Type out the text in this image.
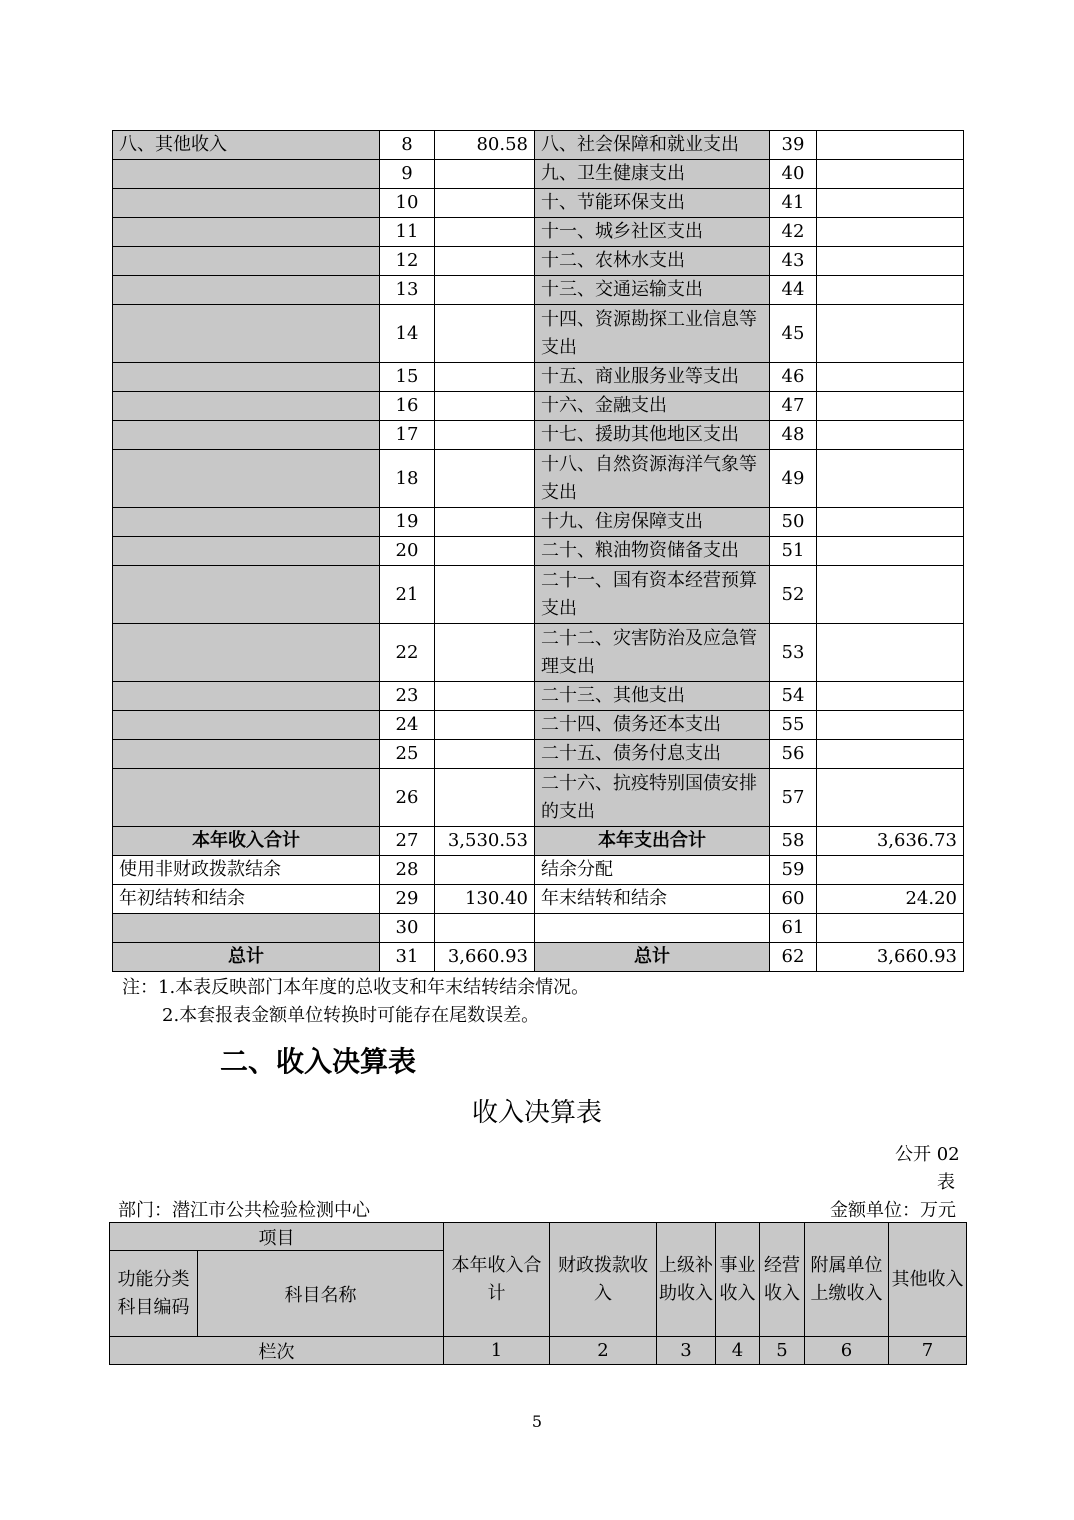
八、其他收入	8	80.58	八、社会保障和就业支出	39	
	9		九、卫生健康支出	40	
	10		十、节能环保支出	41	
	11		十一、城乡社区支出	42	
	12		十二、农林水支出	43	
	13		十三、交通运输支出	44	
	14		十四、资源勘探工业信息等支出	45	
	15		十五、商业服务业等支出	46	
	16		十六、金融支出	47	
	17		十七、援助其他地区支出	48	
	18		十八、自然资源海洋气象等支出	49	
	19		十九、住房保障支出	50	
	20		二十、粮油物资储备支出	51	
	21		二十一、国有资本经营预算支出	52	
	22		二十二、灾害防治及应急管理支出	53	
	23		二十三、其他支出	54	
	24		二十四、债务还本支出	55	
	25		二十五、债务付息支出	56	
	26		二十六、抗疫特别国债安排的支出	57	
本年收入合计	27	3,530.53	本年支出合计	58	3,636.73
使用非财政拨款结余	28		结余分配	59	
年初结转和结余	29	130.40	年末结转和结余	60	24.20
	30			61	
总计	31	3,660.93	总计	62	3,660.93
注：1.本表反映部门本年度的总收支和年末结转结余情况。
2.本套报表金额单位转换时可能存在尾数误差。
二、收入决算表
收入决算表
公开 02
表
部门：潜江市公共检验检测中心	金额单位：万元
项目		本年收入合计	财政拨款收入	上级补助收入	事业收入	经营收入	附属单位上缴收入	其他收入
功能分类科目编码	科目名称							
栏次		1	2	3	4	5	6	7
5
